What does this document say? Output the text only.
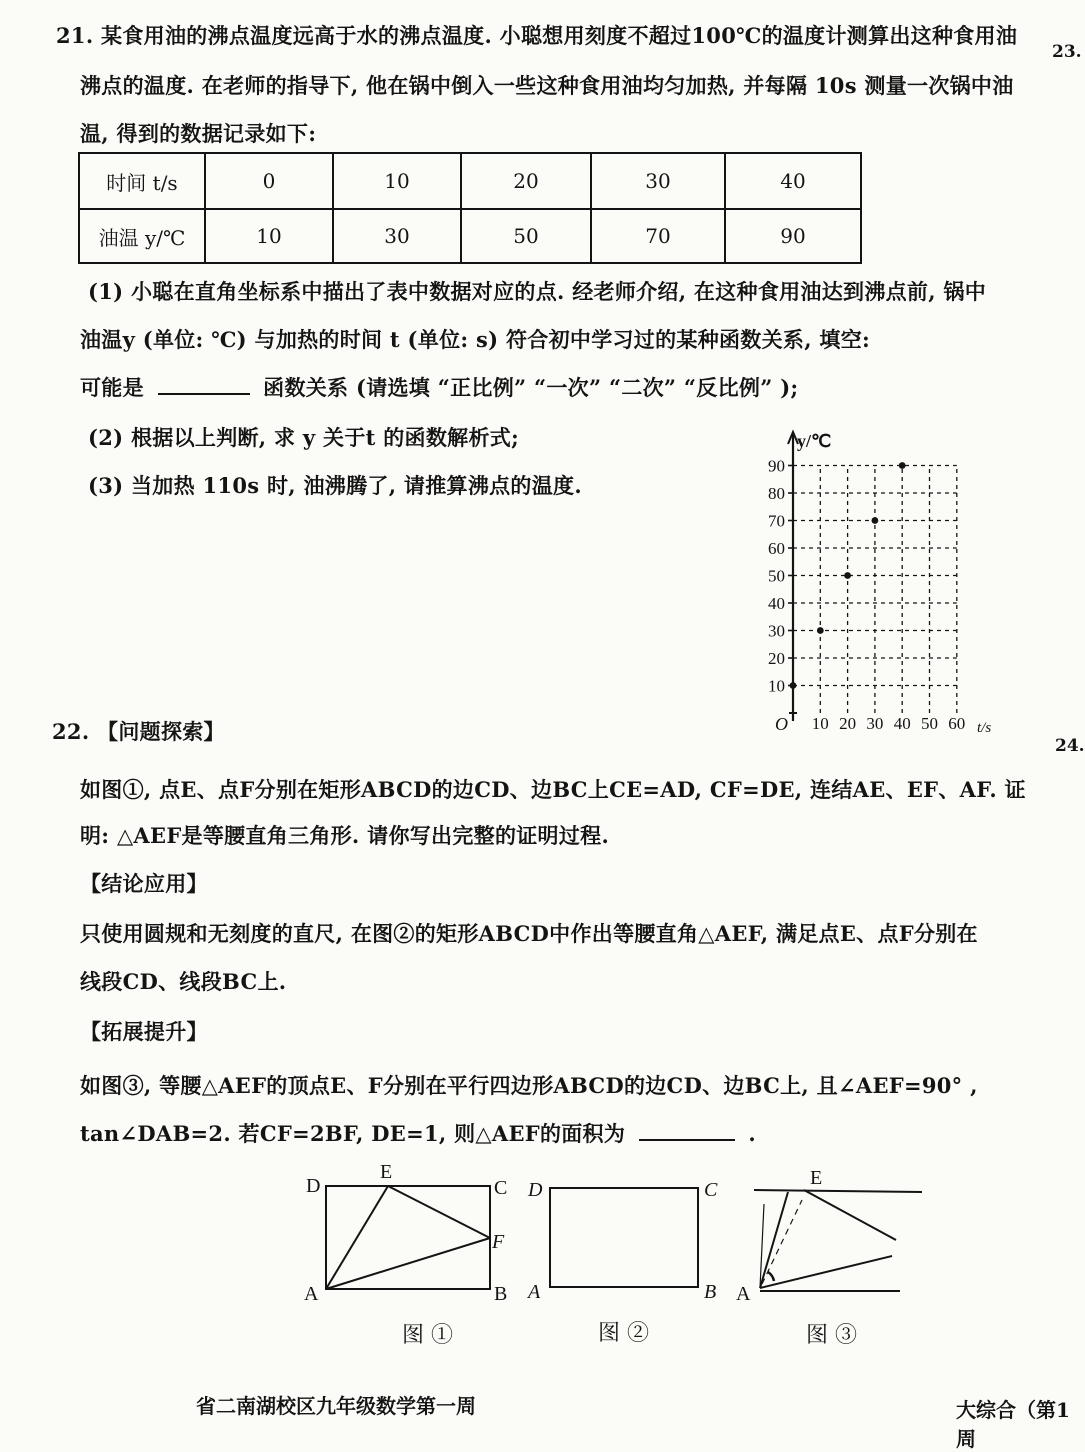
23.
24.
21. 某食用油的沸点温度远高于水的沸点温度. 小聪想用刻度不超过100℃的温度计测算出这种食用油
沸点的温度. 在老师的指导下, 他在锅中倒入一些这种食用油均匀加热, 并每隔 10s 测量一次锅中油
温, 得到的数据记录如下:
时间 t/s	0	10	20	30	40
油温 y/℃	10	30	50	70	90
(1) 小聪在直角坐标系中描出了表中数据对应的点. 经老师介绍, 在这种食用油达到沸点前, 锅中
油温y (单位: ℃) 与加热的时间 t (单位: s) 符合初中学习过的某种函数关系, 填空:
可能是	函数关系 (请选填 “正比例” “一次” “二次” “反比例” );
(2) 根据以上判断, 求 y 关于t 的函数解析式;
(3) 当加热 110s 时, 油沸腾了, 请推算沸点的温度.
10
20
30
40
50
60
70
80
90
10 20 30 40 50 60
y/℃
t/s
O
22. 【问题探索】
如图①, 点E、点F分别在矩形ABCD的边CD、边BC上CE=AD, CF=DE, 连结AE、EF、AF. 证
明: △AEF是等腰直角三角形. 请你写出完整的证明过程.
【结论应用】
只使用圆规和无刻度的直尺, 在图②的矩形ABCD中作出等腰直角△AEF, 满足点E、点F分别在
线段CD、线段BC上.
【拓展提升】
如图③, 等腰△AEF的顶点E、F分别在平行四边形ABCD的边CD、边BC上, 且∠AEF=90° ,
tan∠DAB=2. 若CF=2BF, DE=1, 则△AEF的面积为	.
D
E
C
F
A	B
图 ①
D	C
A	B
图 ②
E
A
图 ③
省二南湖校区九年级数学第一周	大综合（第1周
